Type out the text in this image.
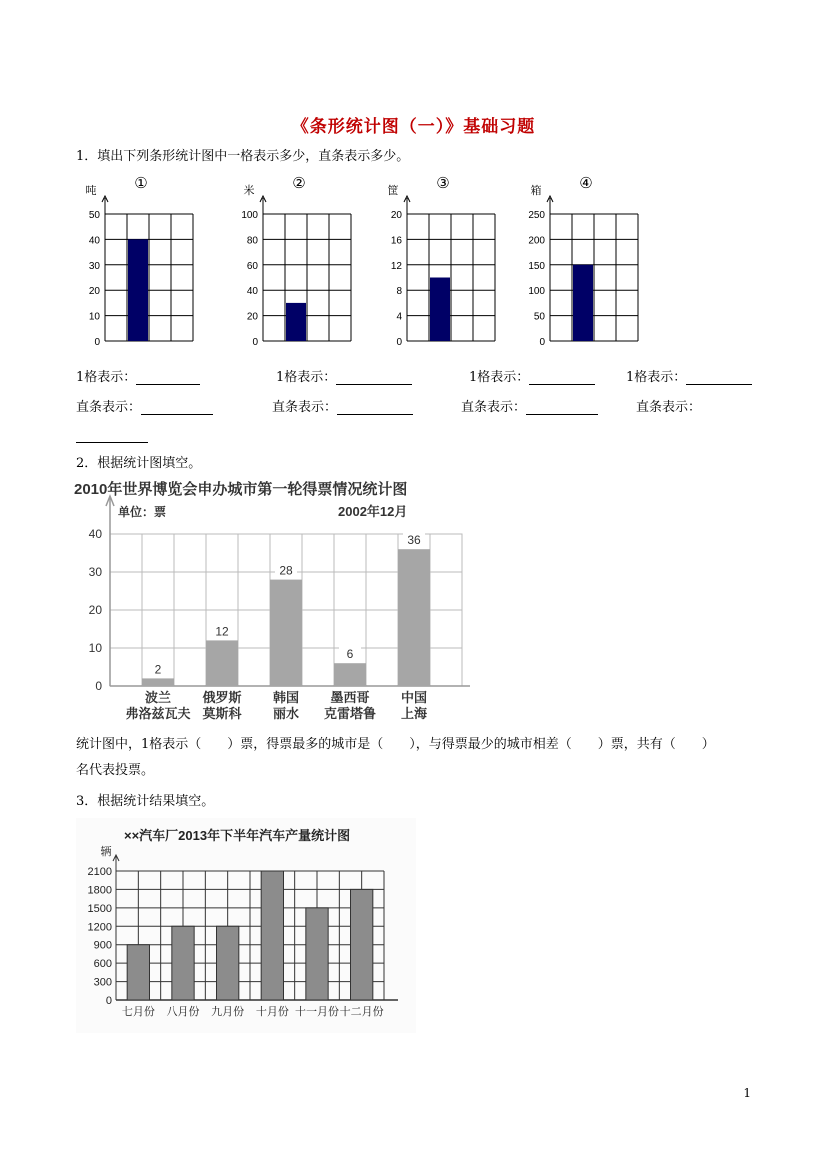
《条形统计图（一）》基础习题
1．填出下列条形统计图中一格表示多少，直条表示多少。
50
40
30
20
10
0
吨	①
100
80
60
40
20
0
米	②
20
16
12
8
4
0
筐	③
250
200
150
100
50
0
箱	④
1格表示：	1格表示：	1格表示：	1格表示：
直条表示：	直条表示：	直条表示：	直条表示：
2．根据统计图填空。
2010年世界博览会申办城市第一轮得票情况统计图
40
30
20
10
0
单位：票	2002年12月
2
波兰
弗洛兹瓦夫
12
俄罗斯
莫斯科
28
韩国
丽水
6
墨西哥
克雷塔鲁
36
中国
上海
统计图中，1格表示（　　）票，得票最多的城市是（　　），与得票最少的城市相差（　　）票，共有（　　）
名代表投票。
3．根据统计结果填空。
××汽车厂2013年下半年汽车产量统计图
2100
1800
1500
1200
900
600
300
0
辆
七月份 八月份 九月份 十月份 十一月份 十二月份
1
